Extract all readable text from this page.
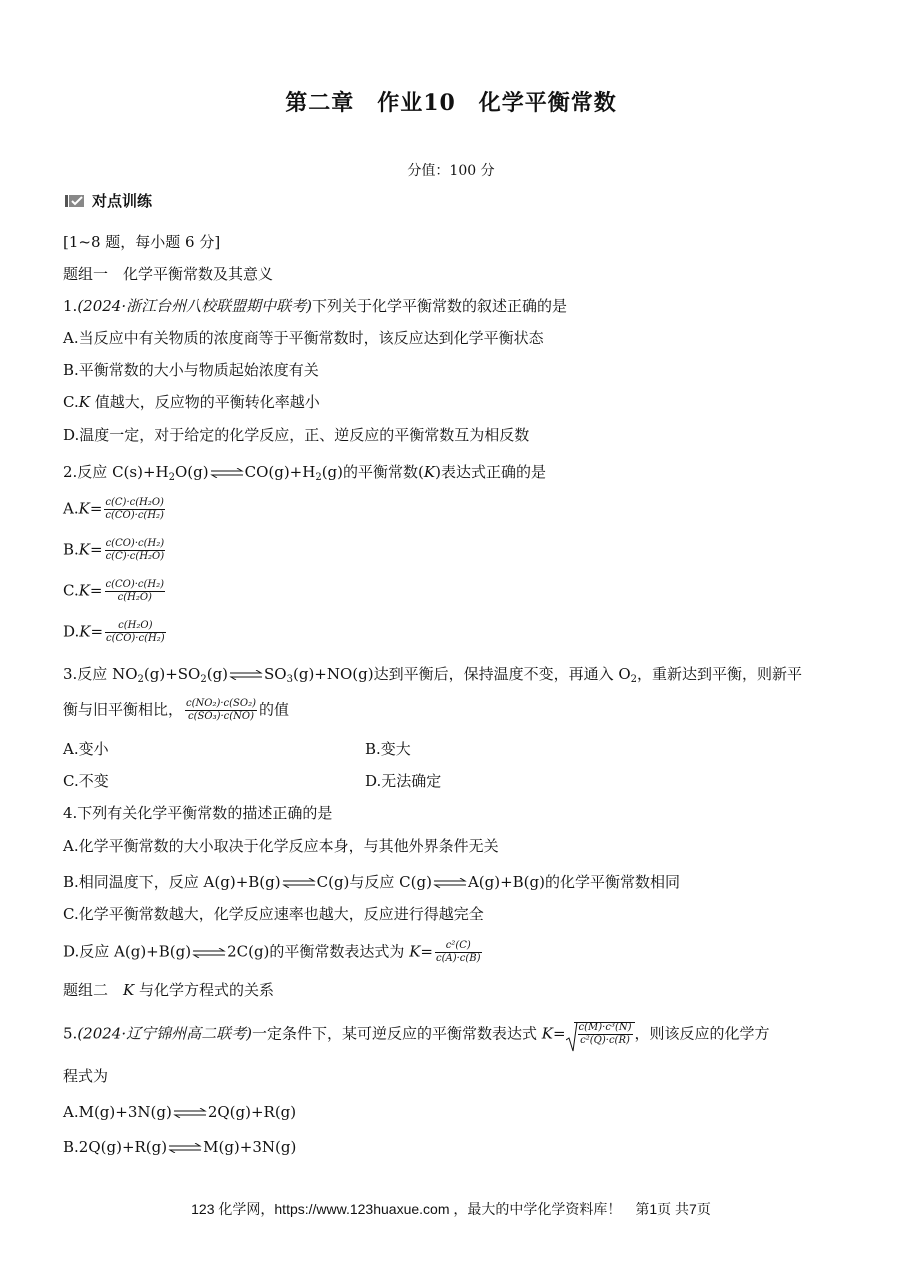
第二章　作业10　化学平衡常数
分值：100 分
对点训练
[1~8 题，每小题 6 分]
题组一　化学平衡常数及其意义
1.(2024·浙江台州八校联盟期中联考)下列关于化学平衡常数的叙述正确的是
A.当反应中有关物质的浓度商等于平衡常数时，该反应达到化学平衡状态
B.平衡常数的大小与物质起始浓度有关
C.K 值越大，反应物的平衡转化率越小
D.温度一定，对于给定的化学反应，正、逆反应的平衡常数互为相反数
2.反应 $C(s)+H_2O(g)\rightleftharpoons CO(g)+H_2(g)$的平衡常数(K)表达式正确的是
$A.K= \frac{\text{c(C)·c(H₂O)}}{\text{c(CO)·c(H₂)}}$
$B.K= \frac{\text{c(CO)·c(H₂)}}{\text{c(C)·c(H₂O)}}$
$C.K= \frac{\text{c(CO)·c(H₂)}}{\text{c(H₂O)}}$
$D.K= \frac{\text{c(H₂O)}}{\text{c(CO)·c(H₂)}}$
3.反应 $NO_2(g)+SO_2(g)\rightleftharpoons SO_3(g)+NO(g)$达到平衡后，保持温度不变，再通入 $O_2$，重新达到平衡，则新平
衡与旧平衡相比， $\frac{\text{c(NO₂)·c(SO₂)}}{\text{c(SO₃)·c(NO)}}$ 的值
A.变小	B.变大
C.不变	D.无法确定
4.下列有关化学平衡常数的描述正确的是
A.化学平衡常数的大小取决于化学反应本身，与其他外界条件无关
B.相同温度下，反应 A(g)+B(g)⇌C(g)与反应 C(g)⇌A(g)+B(g)的化学平衡常数相同
C.化学平衡常数越大，化学反应速率也越大，反应进行得越完全
D.反应 A(g)+B(g)⇌2C(g)的平衡常数表达式为 $K= \frac{\text{c²(C)}}{c(A)\cdot c(B)}$
题组二　K 与化学方程式的关系
5.(2024·辽宁锦州高二联考)一定条件下，某可逆反应的平衡常数表达式 $K= \frac{\text{c(M)·c³(N)}}{\text{c²(Q)·c(R)}}$ ，则该反应的化学方
程式为
A.M(g)+3N(g)⇌2Q(g)+R(g)
B.2Q(g)+R(g)⇌M(g)+3N(g)
123 化学网，https://www.123huaxue.com ，最大的中学化学资料库！　第1页 共7页
